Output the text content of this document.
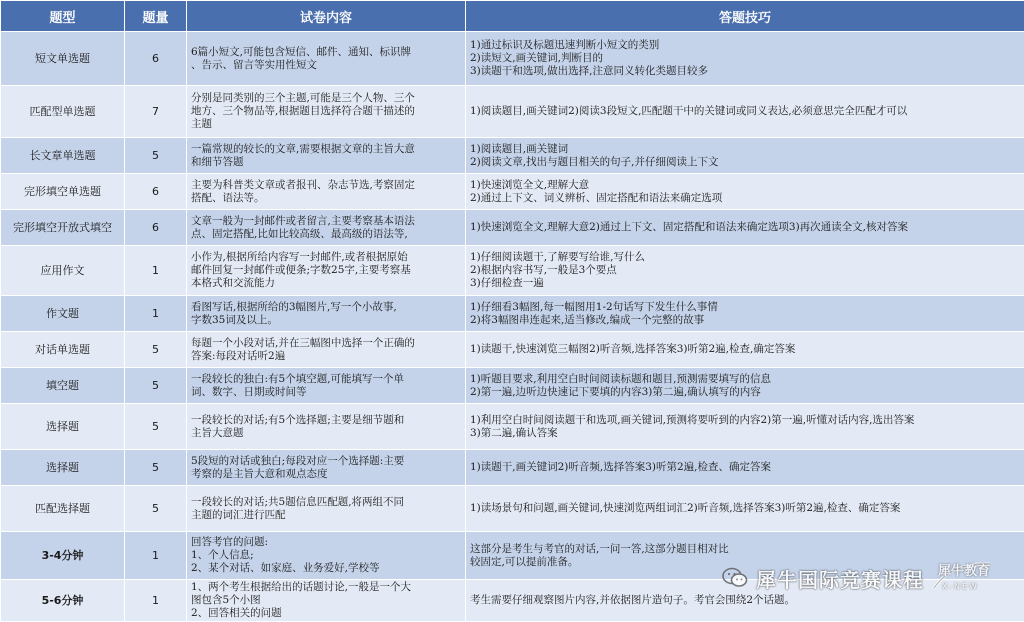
题型	题量	试卷内容	答题技巧
短文单选题	6	6篇小短文,可能包含短信、邮件、通知、标识牌
、告示、留言等实用性短文	1)通过标识及标题迅速判断小短文的类别
2)读短文,画关键词,判断目的
3)读题干和选项,做出选择,注意同义转化类题目较多

匹配型单选题	7	分别是同类别的三个主题,可能是三个人物、三个
地方、三个物品等,根据题目选择符合题干描述的
主题	1)阅读题目,画关键词2)阅读3段短文,匹配题干中的关键词或同义表达,必须意思完全匹配才可以

长文章单选题	5	一篇常规的较长的文章,需要根据文章的主旨大意
和细节答题	1)阅读题目,画关键词
2)阅读文章,找出与题目相关的句子,并仔细阅读上下文

完形填空单选题	6	主要为科普类文章或者报刊、杂志节选,考察固定
搭配、语法等。	1)快速浏览全文,理解大意
2)通过上下文、词义辨析、固定搭配和语法来确定选项

完形填空开放式填空	6	文章一般为一封邮件或者留言,主要考察基本语法
点、固定搭配,比如比较高级、最高级的语法等,	1)快速浏览全文,理解大意2)通过上下文、固定搭配和语法来确定选项3)再次通读全文,核对答案

应用作文	1	小作为,根据所给内容写一封邮件,或者根据原始
邮件回复一封邮件或便条;字数25字,主要考察基
本格式和交流能力	1)仔细阅读题干,了解要写给谁,写什么
2)根据内容书写,一般是3个要点
3)仔细检查一遍

作文题	1	看图写话,根据所给的3幅图片,写一个小故事,
字数35词及以上。	1)仔细看3幅图,每一幅图用1-2句话写下发生什么事情
2)将3幅图串连起来,适当修改,编成一个完整的故事

对话单选题	5	每题一个小段对话,并在三幅图中选择一个正确的
答案:每段对话听2遍	1)读题干,快速浏览三幅图2)听音频,选择答案3)听第2遍,检查,确定答案

填空题	5	一段较长的独白:有5个填空题,可能填写一个单
词、数字、日期或时间等	1)听题目要求,利用空白时间阅读标题和题目,预测需要填写的信息
2)第一遍,边听边快速记下要填的内容3)第二遍,确认填写的内容

选择题	5	一段较长的对话;有5个选择题;主要是细节题和
主旨大意题	1)利用空白时间阅读题干和选项,画关键词,预测将要听到的内容2)第一遍,听懂对话内容,选出答案
3)第二遍,确认答案

选择题	5	5段短的对话或独白;每段对应一个选择题:主要
考察的是主旨大意和观点态度	1)读题干,画关键词2)听音频,选择答案3)听第2遍,检查、确定答案

匹配选择题	5	一段较长的对话;共5题信息匹配题,将两组不同
主题的词汇进行匹配	1)读场景句和问题,画关键词,快速浏览两组词汇2)听音频,选择答案3)听第2遍,检查、确定答案

3-4分钟	1	回答考官的问题:
1、个人信息;
2、某个对话、如家庭、业务爱好,学校等	这部分是考生与考官的对话,一问一答,这部分题目相对比
较固定,可以提前准备。

5-6分钟	1	1、两个考生根据给出的话题讨论,一般是一个大
图包含5个小图
2、回答相关的问题	考生需要仔细观察图片内容,并依据图片造句子。考官会围绕2个话题。
犀牛国际竞赛课程 犀牛教育
X-NEW
